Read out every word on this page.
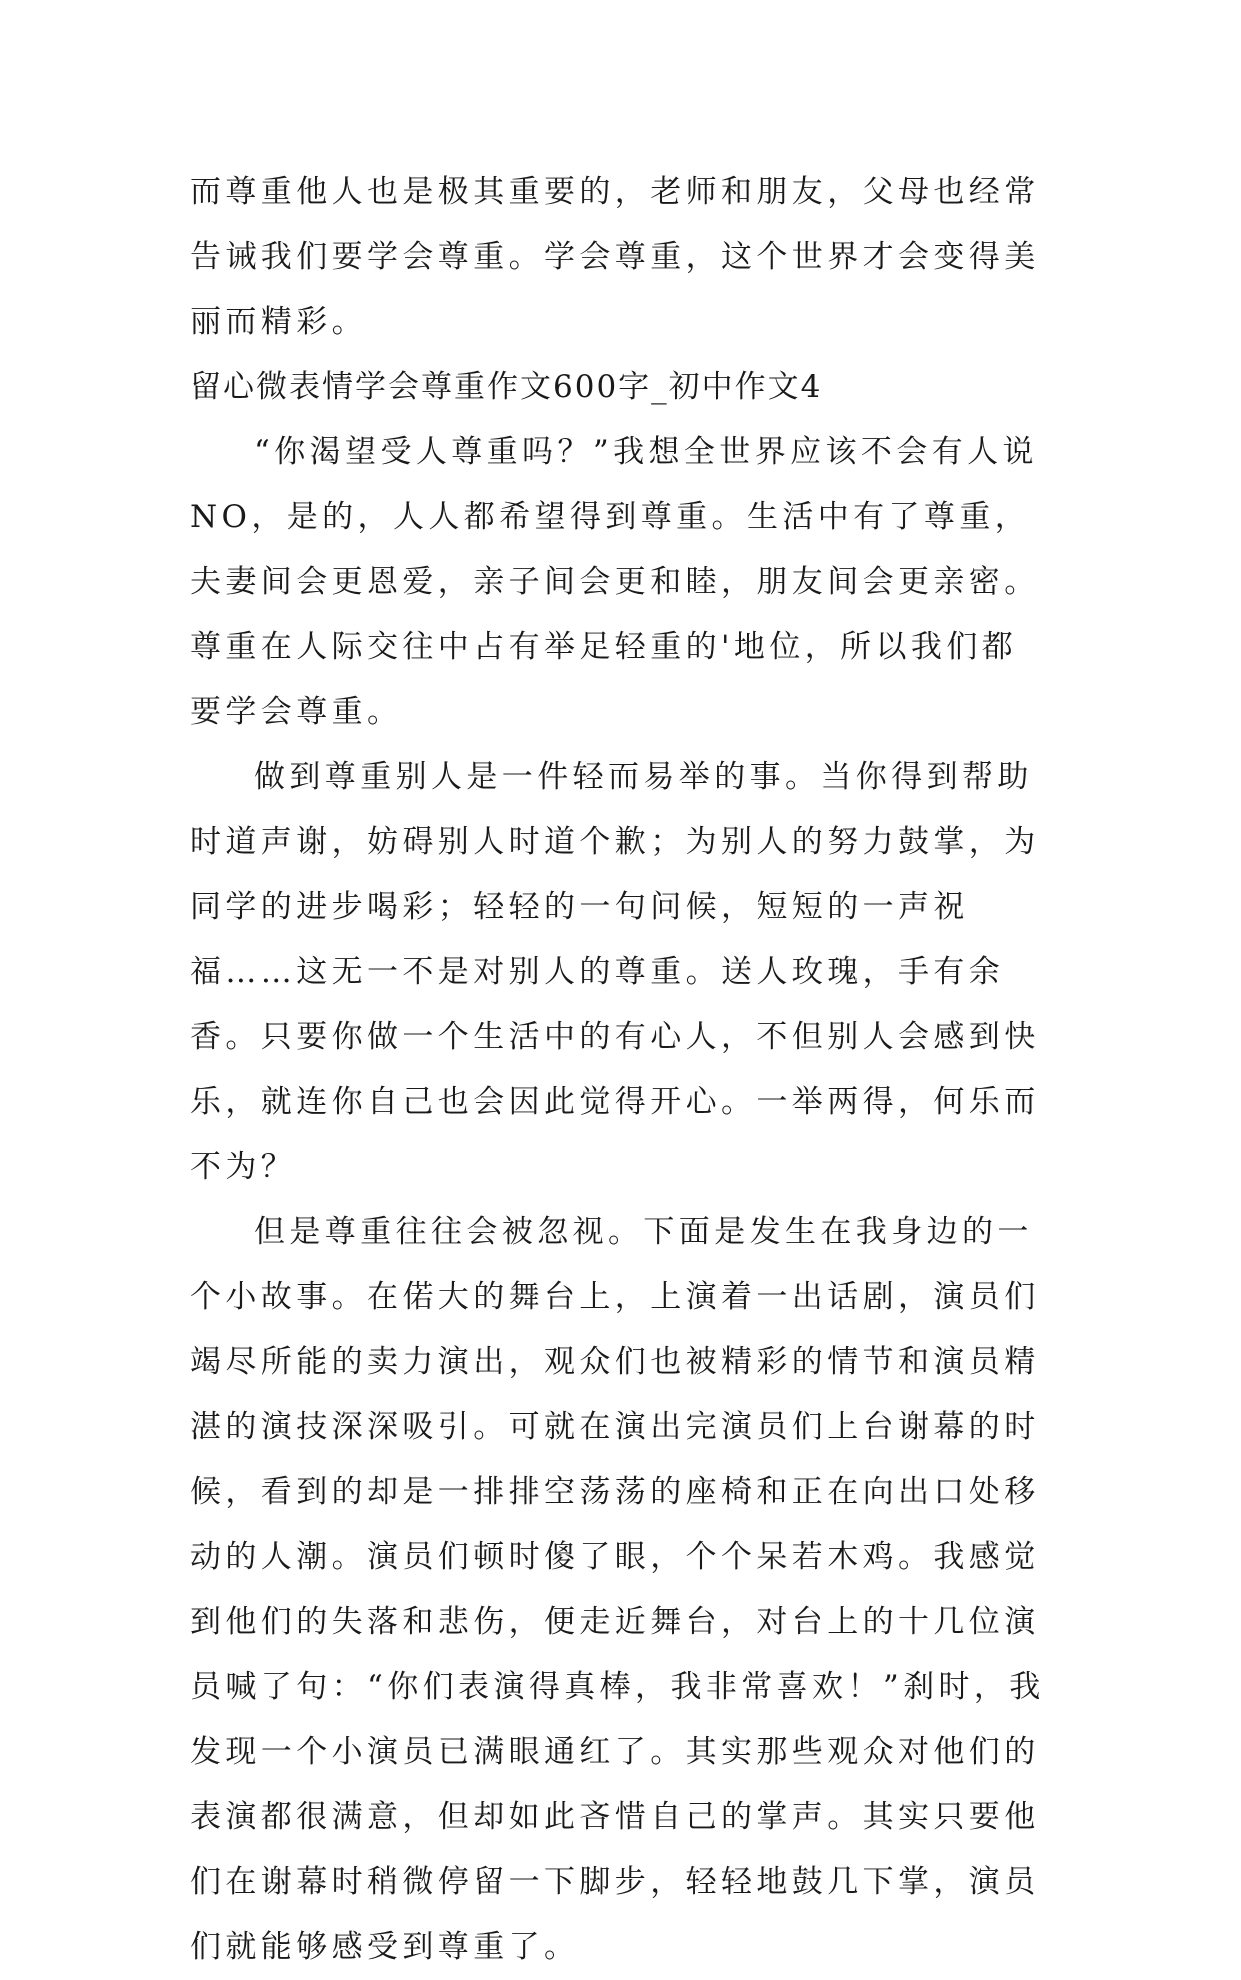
而尊重他人也是极其重要的，老师和朋友，父母也经常告诫我们要学会尊重。学会尊重，这个世界才会变得美丽而精彩。

留心微表情学会尊重作文600字_初中作文4

“你渴望受人尊重吗？”我想全世界应该不会有人说NO，是的，人人都希望得到尊重。生活中有了尊重，夫妻间会更恩爱，亲子间会更和睦，朋友间会更亲密。尊重在人际交往中占有举足轻重的'地位，所以我们都要学会尊重。

做到尊重别人是一件轻而易举的事。当你得到帮助时道声谢，妨碍别人时道个歉；为别人的努力鼓掌，为同学的进步喝彩；轻轻的一句问候，短短的一声祝福……这无一不是对别人的尊重。送人玫瑰，手有余香。只要你做一个生活中的有心人，不但别人会感到快乐，就连你自己也会因此觉得开心。一举两得，何乐而不为？

但是尊重往往会被忽视。下面是发生在我身边的一个小故事。在偌大的舞台上，上演着一出话剧，演员们竭尽所能的卖力演出，观众们也被精彩的情节和演员精湛的演技深深吸引。可就在演出完演员们上台谢幕的时候，看到的却是一排排空荡荡的座椅和正在向出口处移动的人潮。演员们顿时傻了眼，个个呆若木鸡。我感觉到他们的失落和悲伤，便走近舞台，对台上的十几位演员喊了句：“你们表演得真棒，我非常喜欢！”刹时，我发现一个小演员已满眼通红了。其实那些观众对他们的表演都很满意，但却如此吝惜自己的掌声。其实只要他们在谢幕时稍微停留一下脚步，轻轻地鼓几下掌，演员们就能够感受到尊重了。
